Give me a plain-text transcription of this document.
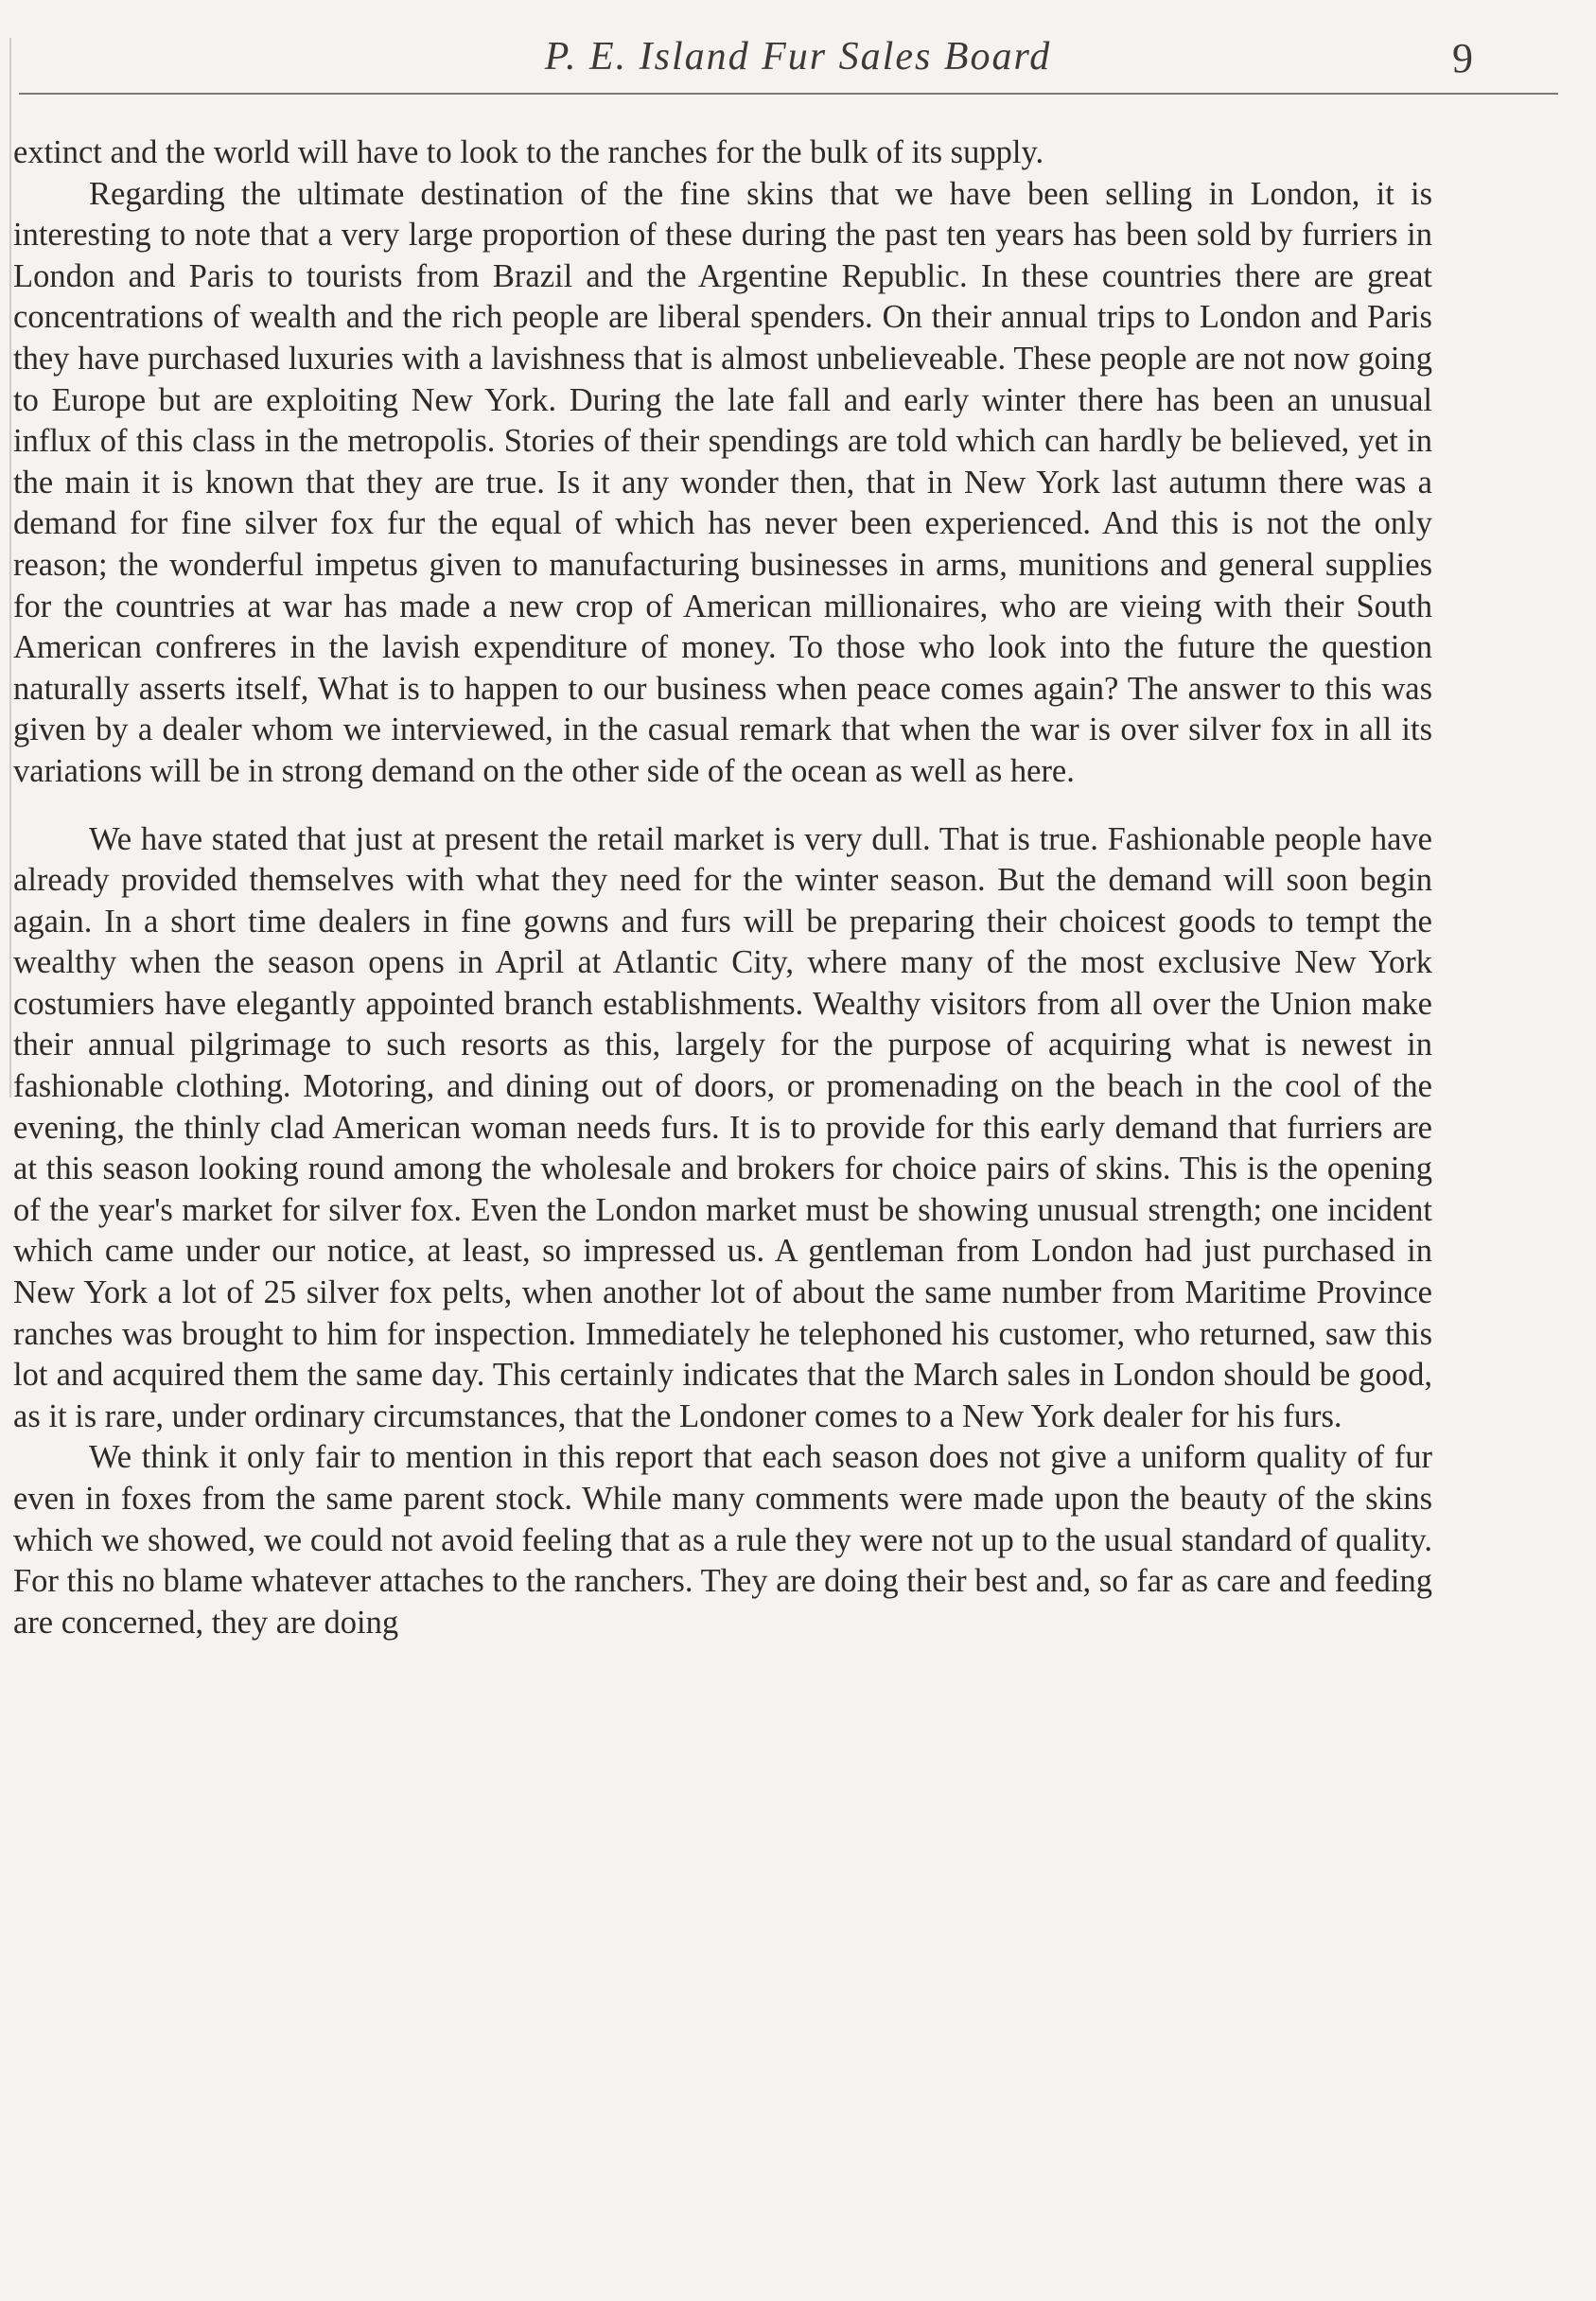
P. E. Island Fur Sales Board	9

extinct and the world will have to look to the ranches for the bulk of its supply.

Regarding the ultimate destination of the fine skins that we have been selling in London, it is interesting to note that a very large proportion of these during the past ten years has been sold by furriers in London and Paris to tourists from Brazil and the Argentine Republic. In these countries there are great concentrations of wealth and the rich people are liberal spenders. On their annual trips to London and Paris they have purchased luxuries with a lavishness that is almost unbelieveable. These people are not now going to Europe but are exploiting New York. During the late fall and early winter there has been an unusual influx of this class in the metropolis. Stories of their spendings are told which can hardly be believed, yet in the main it is known that they are true. Is it any wonder then, that in New York last autumn there was a demand for fine silver fox fur the equal of which has never been experienced. And this is not the only reason; the wonderful impetus given to manufacturing businesses in arms, munitions and general supplies for the countries at war has made a new crop of American millionaires, who are vieing with their South American confreres in the lavish expenditure of money. To those who look into the future the question naturally asserts itself, What is to happen to our business when peace comes again? The answer to this was given by a dealer whom we interviewed, in the casual remark that when the war is over silver fox in all its variations will be in strong demand on the other side of the ocean as well as here.

We have stated that just at present the retail market is very dull. That is true. Fashionable people have already provided themselves with what they need for the winter season. But the demand will soon begin again. In a short time dealers in fine gowns and furs will be preparing their choicest goods to tempt the wealthy when the season opens in April at Atlantic City, where many of the most exclusive New York costumiers have elegantly appointed branch establishments. Wealthy visitors from all over the Union make their annual pilgrimage to such resorts as this, largely for the purpose of acquiring what is newest in fashionable clothing. Motoring, and dining out of doors, or promenading on the beach in the cool of the evening, the thinly clad American woman needs furs. It is to provide for this early demand that furriers are at this season looking round among the wholesale and brokers for choice pairs of skins. This is the opening of the year's market for silver fox. Even the London market must be showing unusual strength; one incident which came under our notice, at least, so impressed us. A gentleman from London had just purchased in New York a lot of 25 silver fox pelts, when another lot of about the same number from Maritime Province ranches was brought to him for inspection. Immediately he telephoned his customer, who returned, saw this lot and acquired them the same day. This certainly indicates that the March sales in London should be good, as it is rare, under ordinary circumstances, that the Londoner comes to a New York dealer for his furs.

We think it only fair to mention in this report that each season does not give a uniform quality of fur even in foxes from the same parent stock. While many comments were made upon the beauty of the skins which we showed, we could not avoid feeling that as a rule they were not up to the usual standard of quality. For this no blame whatever attaches to the ranchers. They are doing their best and, so far as care and feeding are concerned, they are doing
